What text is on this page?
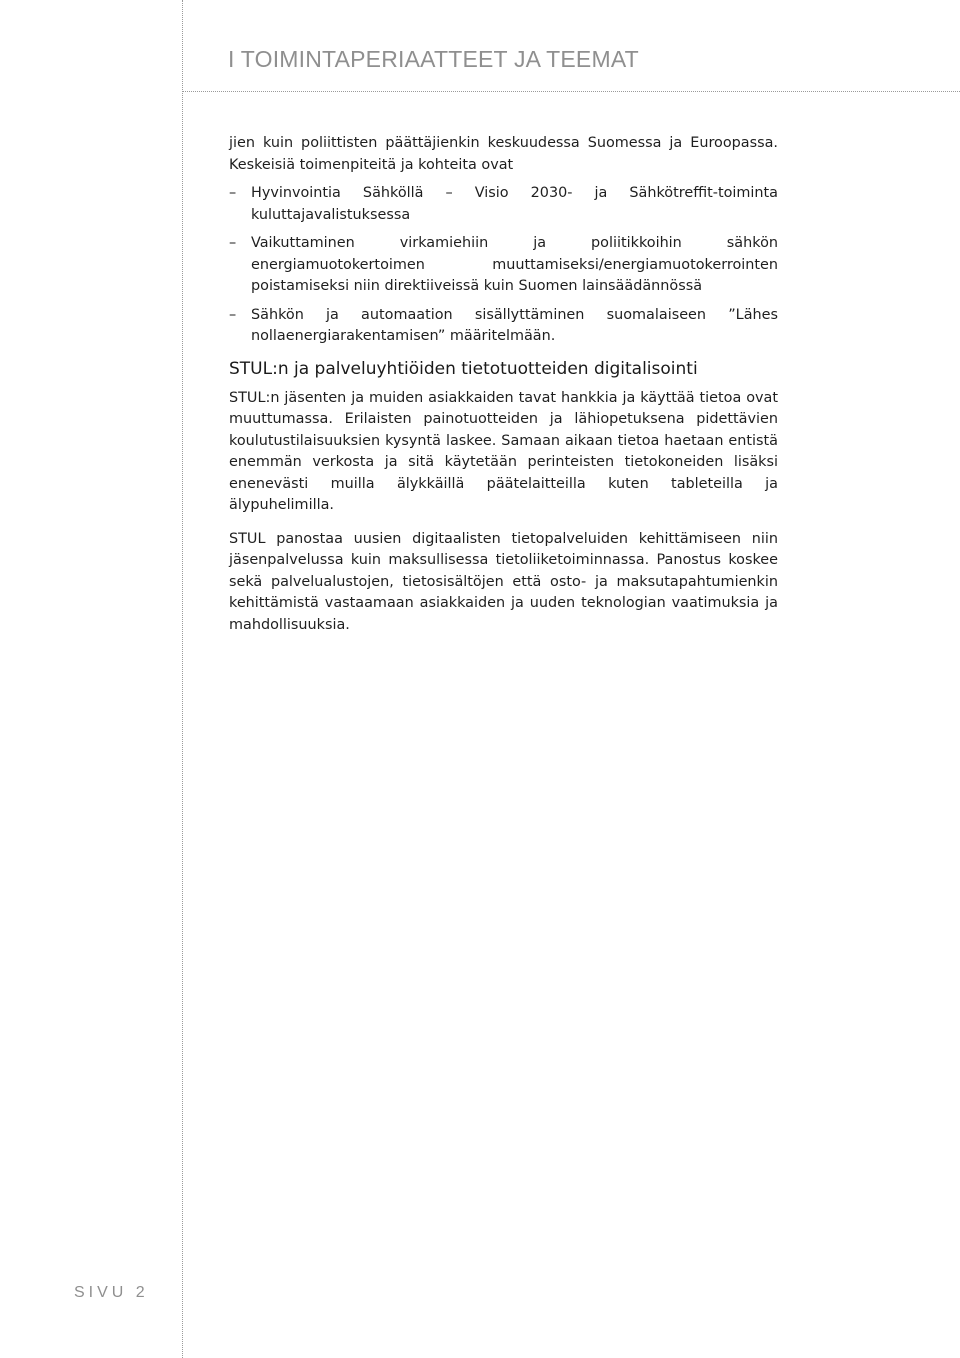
I TOIMINTAPERIAATTEET JA TEEMAT

jien kuin poliittisten päättäjienkin keskuudessa Suomessa ja Euroopassa. Keskeisiä toimenpiteitä ja kohteita ovat

– Hyvinvointia Sähköllä – Visio 2030- ja Sähkötreffit-toiminta kuluttajavalistuksessa
– Vaikuttaminen virkamiehiin ja poliitikkoihin sähkön energiamuotokertoimen muuttamiseksi/energiamuotokerrointen poistamiseksi niin direktiiveissä kuin Suomen lainsäädännössä
– Sähkön ja automaation sisällyttäminen suomalaiseen ”Lähes nollaenergiarakentamisen” määritelmään.
STUL:n ja palveluyhtiöiden tietotuotteiden digitalisointi

STUL:n jäsenten ja muiden asiakkaiden tavat hankkia ja käyttää tietoa ovat muuttumassa. Erilaisten painotuotteiden ja lähiopetuksena pidettävien koulutustilaisuuksien kysyntä laskee. Samaan aikaan tietoa haetaan entistä enemmän verkosta ja sitä käytetään perinteisten tietokoneiden lisäksi enenevästi muilla älykkäillä päätelaitteilla kuten tableteilla ja älypuhelimilla.

STUL panostaa uusien digitaalisten tietopalveluiden kehittämiseen niin jäsenpalvelussa kuin maksullisessa tietoliiketoiminnassa. Panostus koskee sekä palvelualustojen, tietosisältöjen että osto- ja maksutapahtumienkin kehittämistä vastaamaan asiakkaiden ja uuden teknologian vaatimuksia ja mahdollisuuksia.

SIVU 2
